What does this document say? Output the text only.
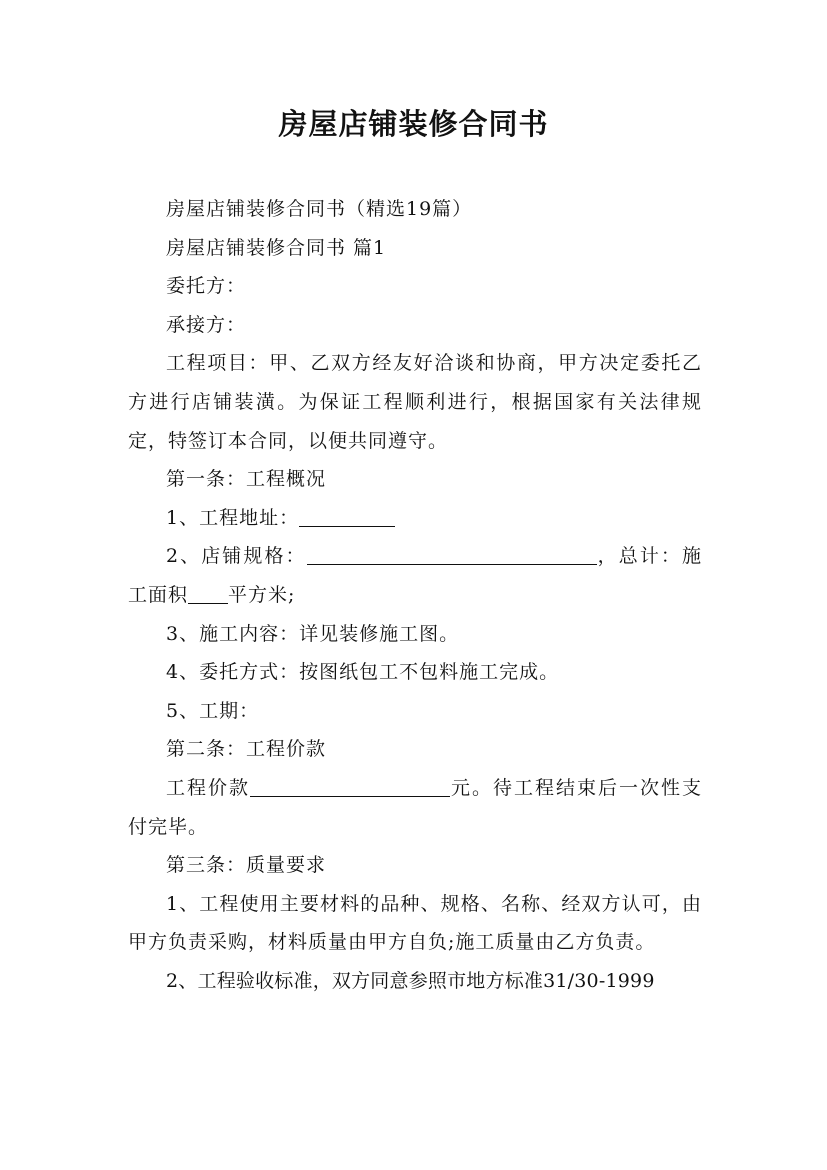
房屋店铺装修合同书

房屋店铺装修合同书（精选19篇）

房屋店铺装修合同书 篇1

委托方：

承接方：

工程项目：甲、乙双方经友好洽谈和协商，甲方决定委托乙方进行店铺装潢。为保证工程顺利进行，根据国家有关法律规定，特签订本合同，以便共同遵守。

第一条：工程概况

1、工程地址：

2、店铺规格：	，总计：施工面积 平方米;

3、施工内容：详见装修施工图。

4、委托方式：按图纸包工不包料施工完成。

5、工期：

第二条：工程价款

工程价款	元。待工程结束后一次性支付完毕。

第三条：质量要求

1、工程使用主要材料的品种、规格、名称、经双方认可，由甲方负责采购，材料质量由甲方自负;施工质量由乙方负责。

2、工程验收标准，双方同意参照市地方标准31/30-1999
